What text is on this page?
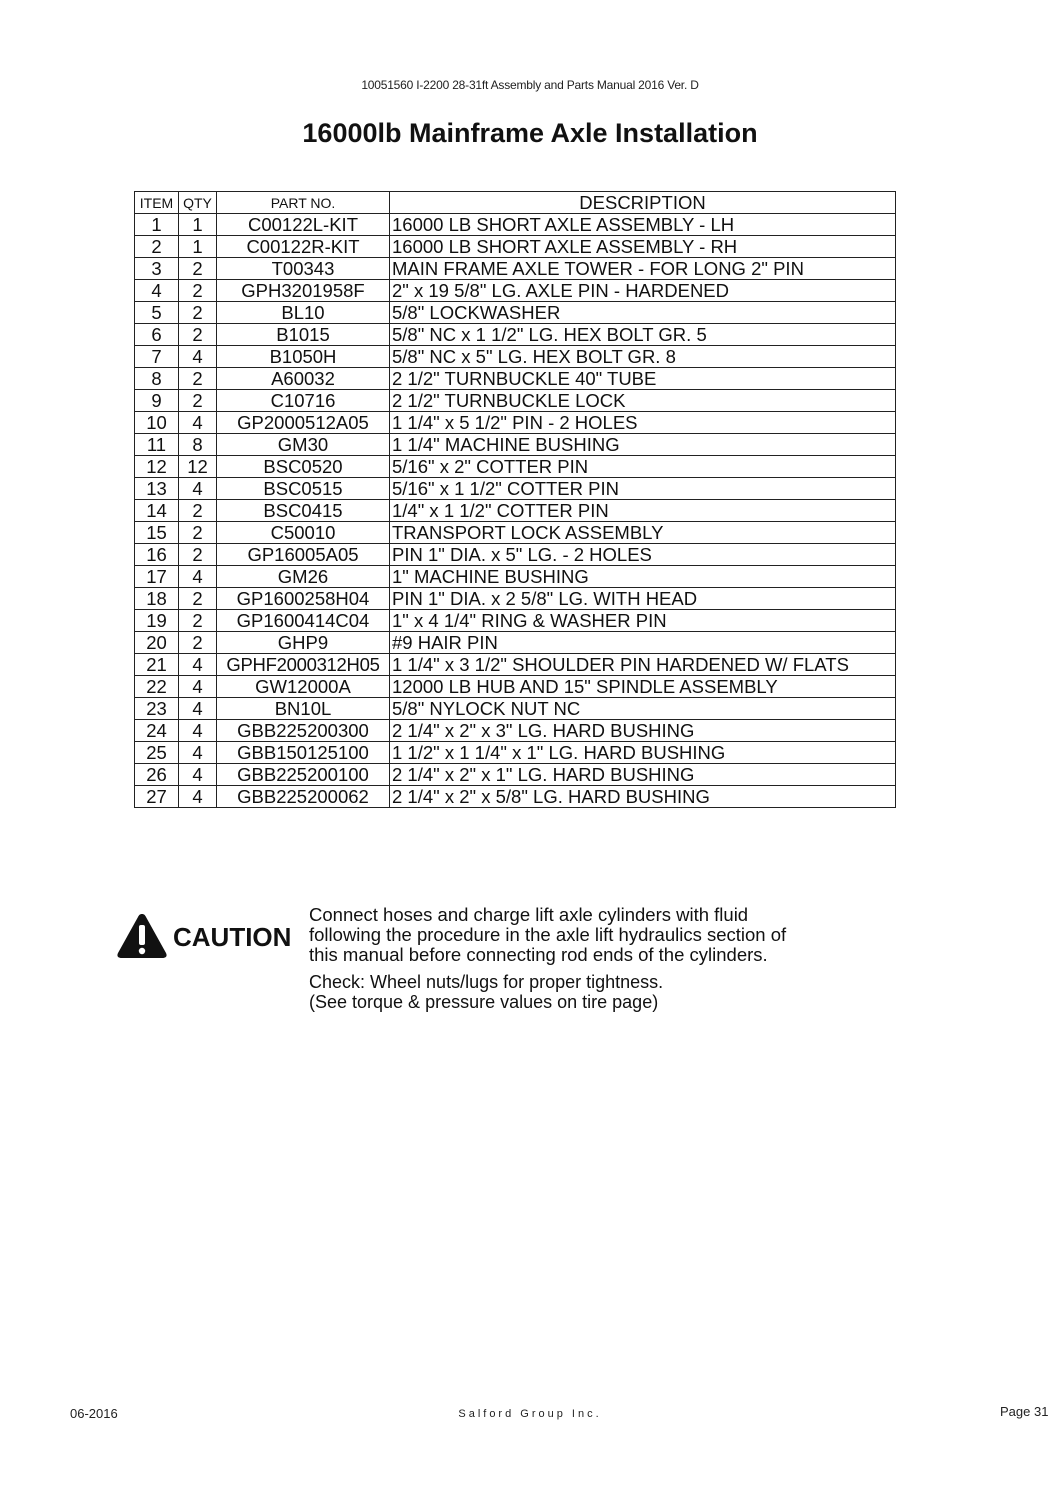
10051560 I-2200 28-31ft Assembly and Parts Manual 2016 Ver. D
16000lb Mainframe Axle Installation
ITEM	QTY	PART NO.	DESCRIPTION
1	1	C00122L-KIT	16000 LB SHORT AXLE ASSEMBLY - LH
2	1	C00122R-KIT	16000 LB SHORT AXLE ASSEMBLY - RH
3	2	T00343	MAIN FRAME AXLE TOWER - FOR LONG 2" PIN
4	2	GPH3201958F	2" x 19 5/8" LG. AXLE PIN - HARDENED
5	2	BL10	5/8" LOCKWASHER
6	2	B1015	5/8" NC x 1 1/2" LG. HEX BOLT GR. 5
7	4	B1050H	5/8" NC x 5" LG. HEX BOLT GR. 8
8	2	A60032	2 1/2" TURNBUCKLE 40" TUBE
9	2	C10716	2 1/2" TURNBUCKLE LOCK
10	4	GP2000512A05	1 1/4" x 5 1/2" PIN - 2 HOLES
11	8	GM30	1 1/4" MACHINE BUSHING
12	12	BSC0520	5/16" x 2" COTTER PIN
13	4	BSC0515	5/16" x 1 1/2" COTTER PIN
14	2	BSC0415	1/4" x 1 1/2" COTTER PIN
15	2	C50010	TRANSPORT LOCK ASSEMBLY
16	2	GP16005A05	PIN 1" DIA. x 5" LG. - 2 HOLES
17	4	GM26	1" MACHINE BUSHING
18	2	GP1600258H04	PIN 1" DIA. x 2 5/8" LG. WITH HEAD
19	2	GP1600414C04	1" x 4 1/4" RING & WASHER PIN
20	2	GHP9	#9 HAIR PIN
21	4	GPHF2000312H05	1 1/4" x 3 1/2" SHOULDER PIN HARDENED W/ FLATS
22	4	GW12000A	12000 LB HUB AND 15" SPINDLE ASSEMBLY
23	4	BN10L	5/8" NYLOCK NUT NC
24	4	GBB225200300	2 1/4" x 2" x 3" LG. HARD BUSHING
25	4	GBB150125100	1 1/2" x 1 1/4" x 1" LG. HARD BUSHING
26	4	GBB225200100	2 1/4" x 2" x 1" LG. HARD BUSHING
27	4	GBB225200062	2 1/4" x 2" x 5/8" LG. HARD BUSHING
CAUTION
Connect hoses and charge lift axle cylinders with fluid
following the procedure in the axle lift hydraulics section of
this manual before connecting rod ends of the cylinders.
Check: Wheel nuts/lugs for proper tightness.
(See torque & pressure values on tire page)
06-2016	Salford Group Inc.	Page 31
